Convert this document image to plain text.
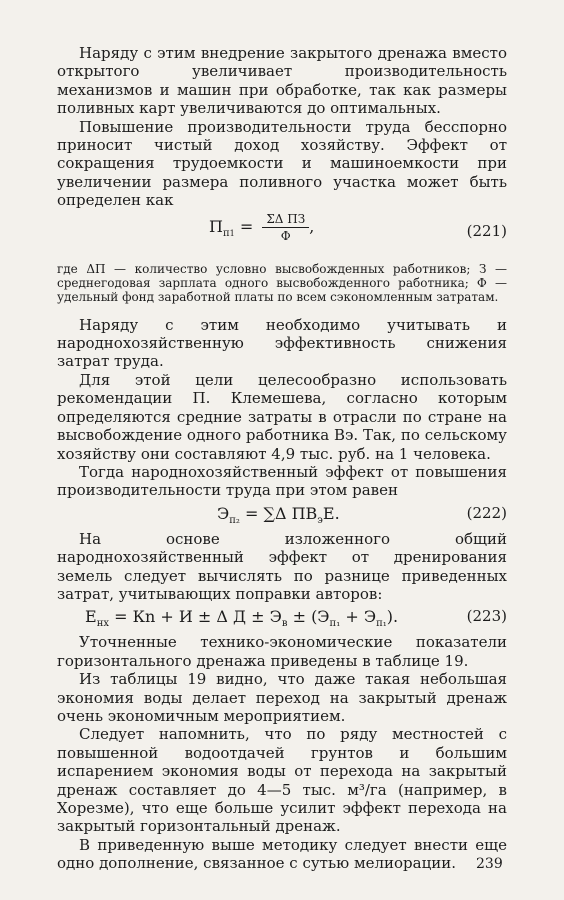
Наряду с этим внедрение закрытого дренажа вместо открытого увеличивает производительность механизмов и машин при обработке, так как размеры поливных карт увеличиваются до оптимальных.

Повышение производительности труда бесспорно приносит чистый доход хозяйству. Эффект от сокращения трудоемкости и машиноемкости при увеличении размера поливного участка может быть определен как

$П_{п1} = \frac{\text{ΣΔ ПЗ}}{Ф}$ ,	(221)

где ΔП — количество условно высвобожденных работников; З — среднегодовая зарплата одного высвобожденного работника; Ф — удельный фонд заработной платы по всем сэкономленным затратам.

Наряду с этим необходимо учитывать и народнохозяйственную эффективность снижения затрат труда.

Для этой цели целесообразно использовать рекомендации П. Клемешева, согласно которым определяются средние затраты в отрасли по стране на высвобождение одного работника Вэ. Так, по сельскому хозяйству они составляют 4,9 тыс. руб. на 1 человека.

Тогда народнохозяйственный эффект от повышения производительности труда при этом равен

$Э_{п_2} = \sum\Delta$ $ПB_эЕ$.	(222)

На основе изложенного общий народнохозяйственный эффект от дренирования земель следует вычислять по разнице приведенных затрат, учитывающих поправки авторов:

$Е_{нх}$ = Кn + И ± Δ $Д \pm Э_в \pm (Э_{п_1} + Э_{п_1})$.	(223)

Уточненные технико-экономические показатели горизонтального дренажа приведены в таблице 19.

Из таблицы 19 видно, что даже такая небольшая экономия воды делает переход на закрытый дренаж очень экономичным мероприятием.

Следует напомнить, что по ряду местностей с повышенной водоотдачей грунтов и большим испарением экономия воды от перехода на закрытый дренаж составляет до 4—5 тыс. м³/га (например, в Хорезме), что еще больше усилит эффект перехода на закрытый горизонтальный дренаж.

В приведенную выше методику следует внести еще одно дополнение, связанное с сутью мелиорации.	239
